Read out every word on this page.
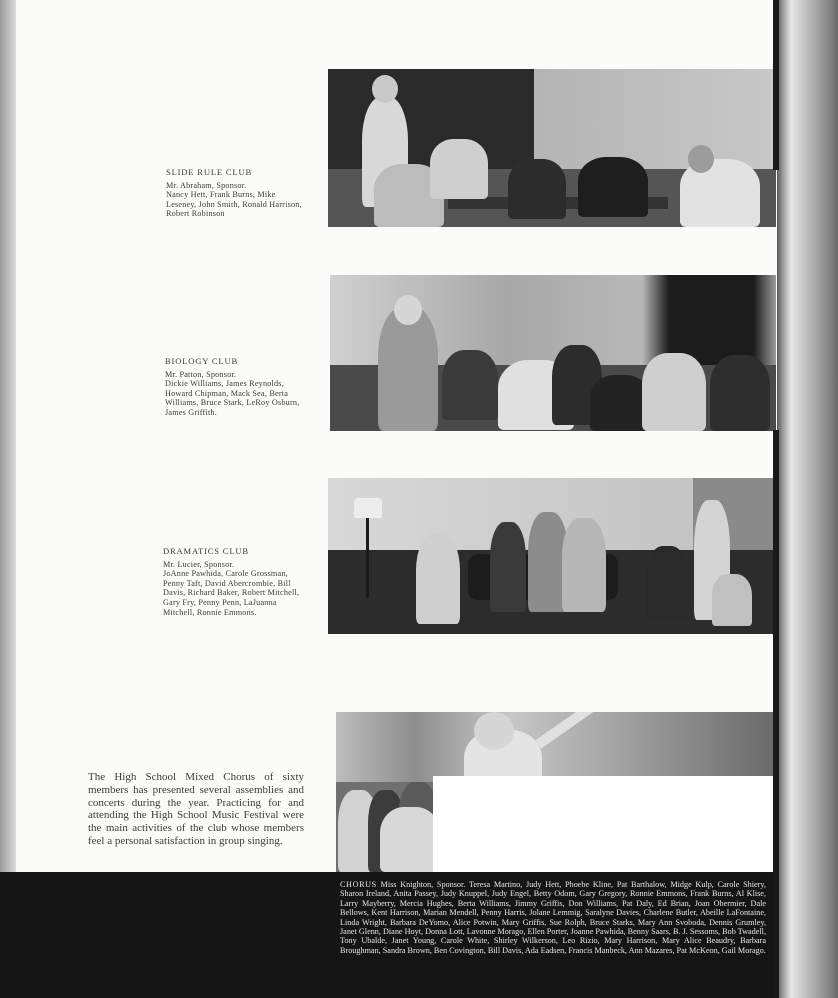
SLIDE RULE CLUB
Mr. Abraham, Sponsor.
Nancy Hett, Frank Burns, Mike Leseney, John Smith, Ronald Harrison, Robert Robinson
BIOLOGY CLUB
Mr. Patton, Sponsor.
Dickie Williams, James Reynolds, Howard Chipman, Mack Sea, Berta Williams, Bruce Stark, LeRoy Osburn, James Griffith.
DRAMATICS CLUB
Mr. Lucier, Sponsor.
JoAnne Pawhida, Carole Grossman, Penny Taft, David Abercrombie, Bill Davis, Richard Baker, Robert Mitchell, Gary Fry, Penny Penn, LaJuanna Mitchell, Ronnie Emmons.
The High School Mixed Chorus of sixty members has presented several assemblies and concerts during the year. Practicing for and attending the High School Music Festival were the main activities of the club whose members feel a personal satisfaction in group singing.
CHORUS Miss Knighton, Sponsor. Teresa Martino, Judy Hett, Phoebe Kline, Pat Barthalow, Midge Kulp, Carole Shiery, Sharon Ireland, Anita Passey, Judy Knuppel, Judy Engel, Betty Odom, Gary Gregory, Ronnie Emmons, Frank Burns, Al Klise, Larry Mayberry, Mercia Hughes, Berta Williams, Jimmy Griffis, Don Williams, Pat Daly, Ed Brian, Joan Obermier, Dale Bellows, Kent Harrison, Marian Mendell, Penny Harris, Jolane Lemmig, Saralyne Davies, Charlene Butler, Abeille LaFontaine, Linda Wright, Barbara DeYomo, Alice Potwin, Mary Griffis, Sue Rolph, Bruce Starks, Mary Ann Svoboda, Dennis Grumley, Janet Glenn, Diane Hoyt, Donna Lott, Lavonne Morago, Ellen Porter, Joanne Pawhida, Benny Saars, B. J. Sessoms, Bob Twadell, Tony Ubalde, Janet Young, Carole White, Shirley Wilkerson, Leo Rizio, Mary Harrison, Mary Alice Beaudry, Barbara Broughman, Sandra Brown, Ben Covington, Bill Davis, Ada Eadsen, Francis Manbeck, Ann Mazares, Pat McKeon, Gail Morago.
